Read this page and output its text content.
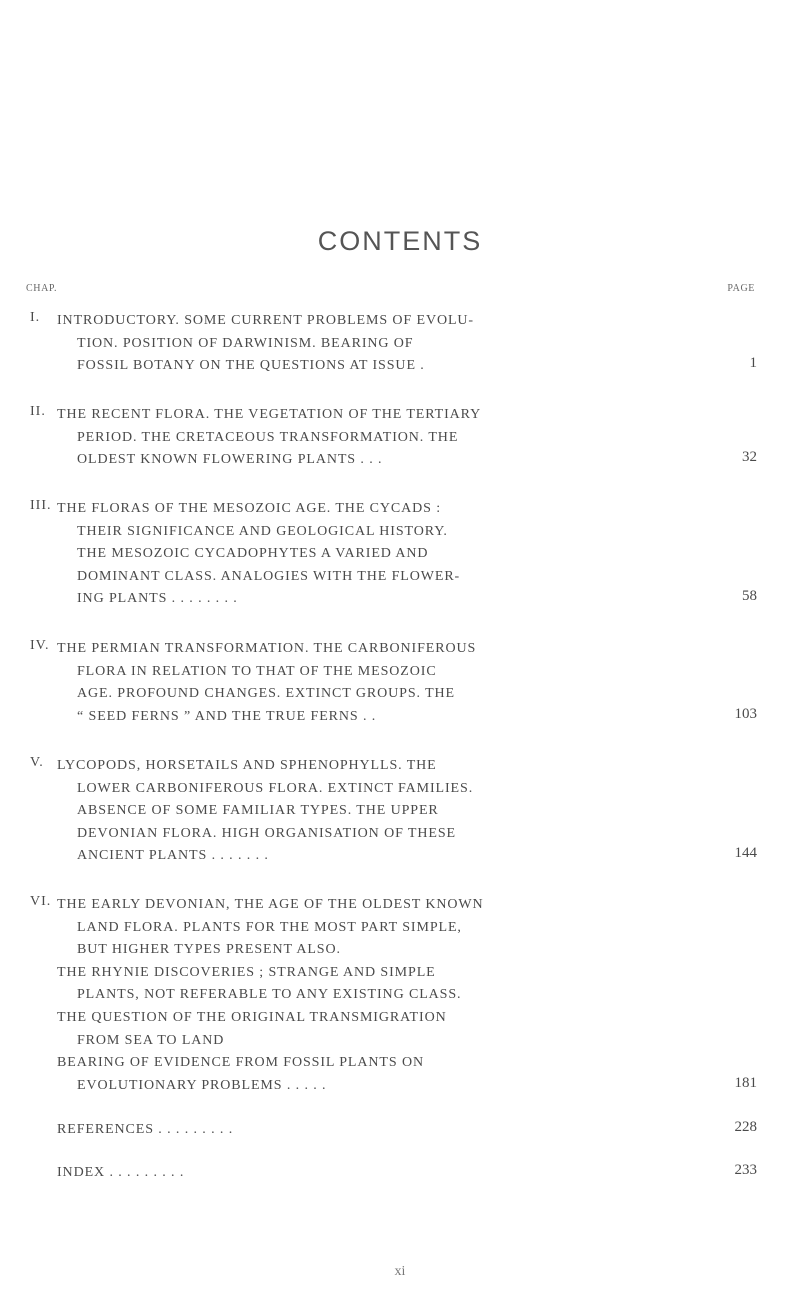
CONTENTS
CHAP.	PAGE
I. INTRODUCTORY. SOME CURRENT PROBLEMS OF EVOLU-
TION. POSITION OF DARWINISM. BEARING OF
FOSSIL BOTANY ON THE QUESTIONS AT ISSUE .	1
II. THE RECENT FLORA. THE VEGETATION OF THE TERTIARY
PERIOD. THE CRETACEOUS TRANSFORMATION. THE
OLDEST KNOWN FLOWERING PLANTS . . .	32
III. THE FLORAS OF THE MESOZOIC AGE. THE CYCADS :
THEIR SIGNIFICANCE AND GEOLOGICAL HISTORY.
THE MESOZOIC CYCADOPHYTES A VARIED AND
DOMINANT CLASS. ANALOGIES WITH THE FLOWER-
ING PLANTS . . . . . . . .	58
IV. THE PERMIAN TRANSFORMATION. THE CARBONIFEROUS
FLORA IN RELATION TO THAT OF THE MESOZOIC
AGE. PROFOUND CHANGES. EXTINCT GROUPS. THE
“ SEED FERNS ” AND THE TRUE FERNS . .	103
V. LYCOPODS, HORSETAILS AND SPHENOPHYLLS. THE
LOWER CARBONIFEROUS FLORA. EXTINCT FAMILIES.
ABSENCE OF SOME FAMILIAR TYPES. THE UPPER
DEVONIAN FLORA. HIGH ORGANISATION OF THESE
ANCIENT PLANTS . . . . . . .	144
VI. THE EARLY DEVONIAN, THE AGE OF THE OLDEST KNOWN
LAND FLORA. PLANTS FOR THE MOST PART SIMPLE,
BUT HIGHER TYPES PRESENT ALSO.
THE RHYNIE DISCOVERIES ; STRANGE AND SIMPLE
PLANTS, NOT REFERABLE TO ANY EXISTING CLASS.
THE QUESTION OF THE ORIGINAL TRANSMIGRATION
FROM SEA TO LAND
BEARING OF EVIDENCE FROM FOSSIL PLANTS ON
EVOLUTIONARY PROBLEMS . . . . .	181
REFERENCES . . . . . . . . .	228
INDEX . . . . . . . . .	233
xi
